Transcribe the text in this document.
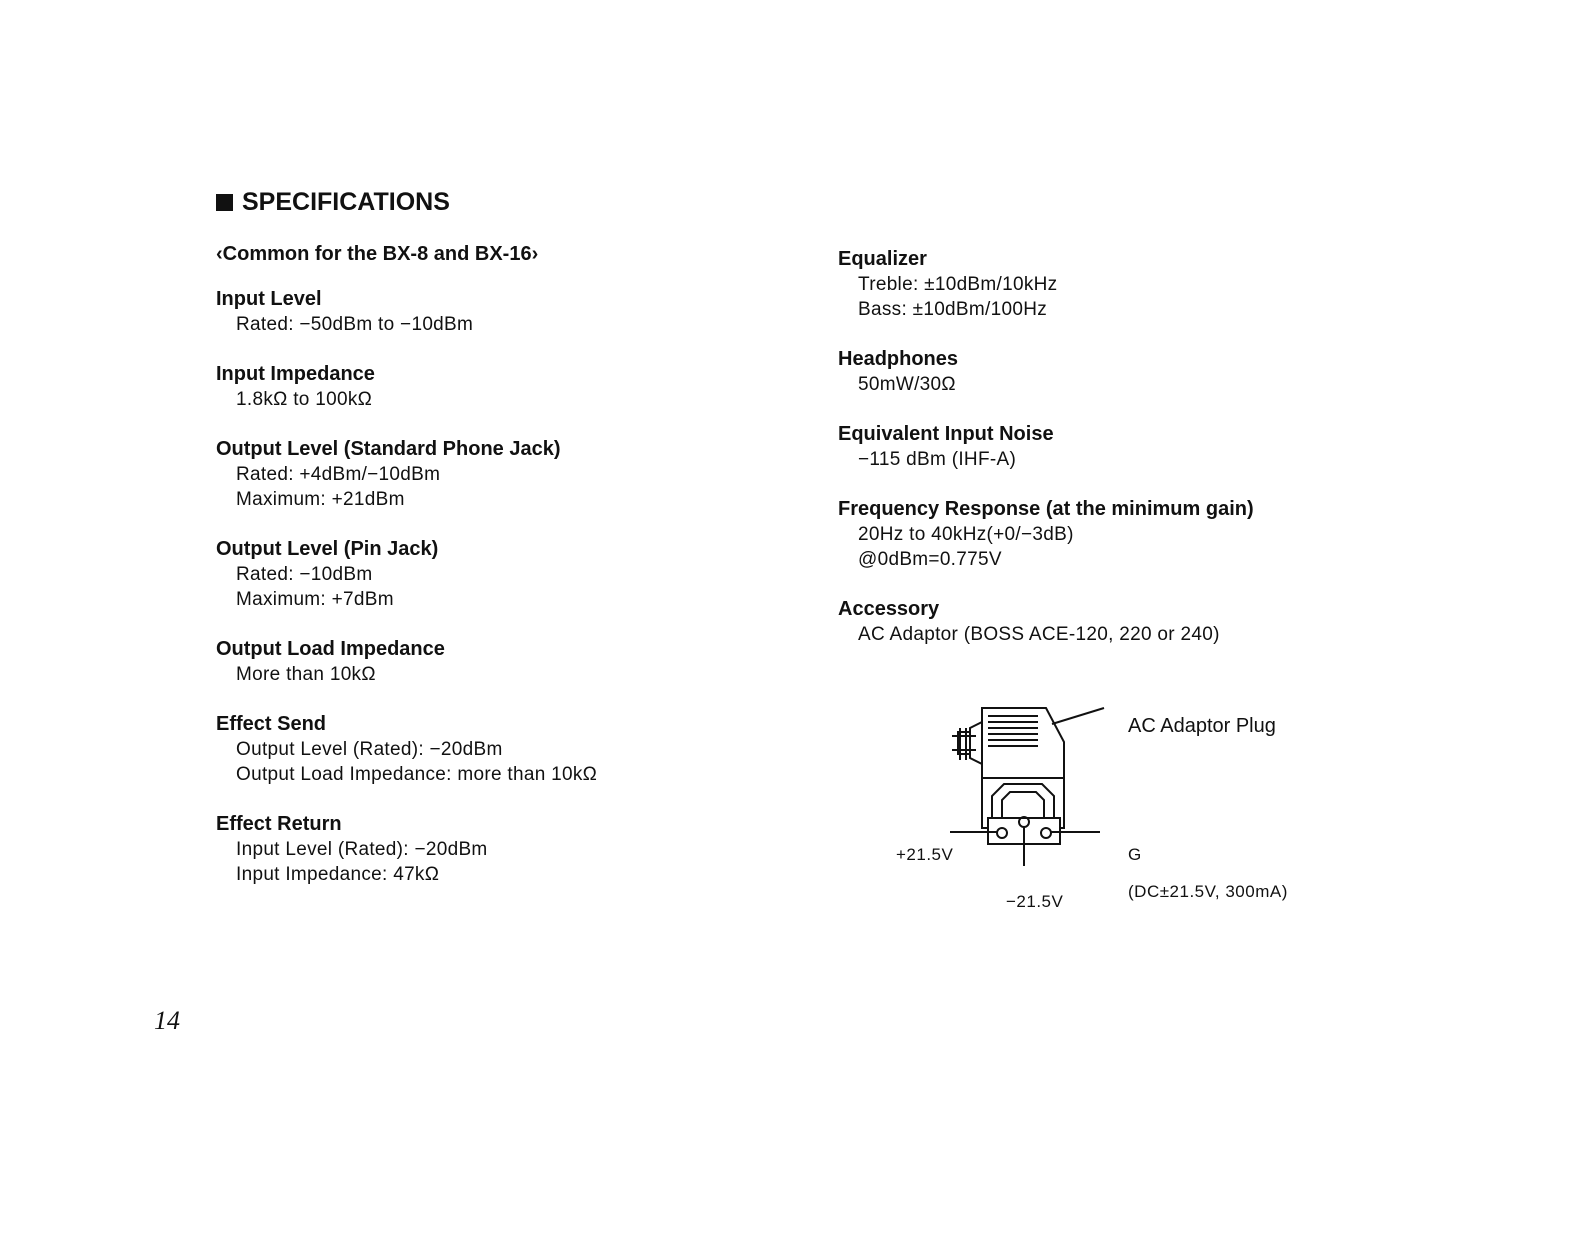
SPECIFICATIONS
‹Common for the BX-8 and BX-16›
Input Level
Rated: −50dBm to −10dBm
Input Impedance
1.8kΩ to 100kΩ
Output Level (Standard Phone Jack)
Rated: +4dBm/−10dBm
Maximum: +21dBm
Output Level (Pin Jack)
Rated: −10dBm
Maximum: +7dBm
Output Load Impedance
More than 10kΩ
Effect Send
Output Level (Rated): −20dBm
Output Load Impedance: more than 10kΩ
Effect Return
Input Level (Rated): −20dBm
Input Impedance: 47kΩ
Equalizer
Treble: ±10dBm/10kHz
Bass: ±10dBm/100Hz
Headphones
50mW/30Ω
Equivalent Input Noise
−115 dBm (IHF-A)
Frequency Response (at the minimum gain)
20Hz to 40kHz(+0/−3dB)
@0dBm=0.775V
Accessory
AC Adaptor (BOSS ACE-120, 220 or 240)
AC Adaptor Plug
+21.5V	G
−21.5V
(DC±21.5V, 300mA)
14
